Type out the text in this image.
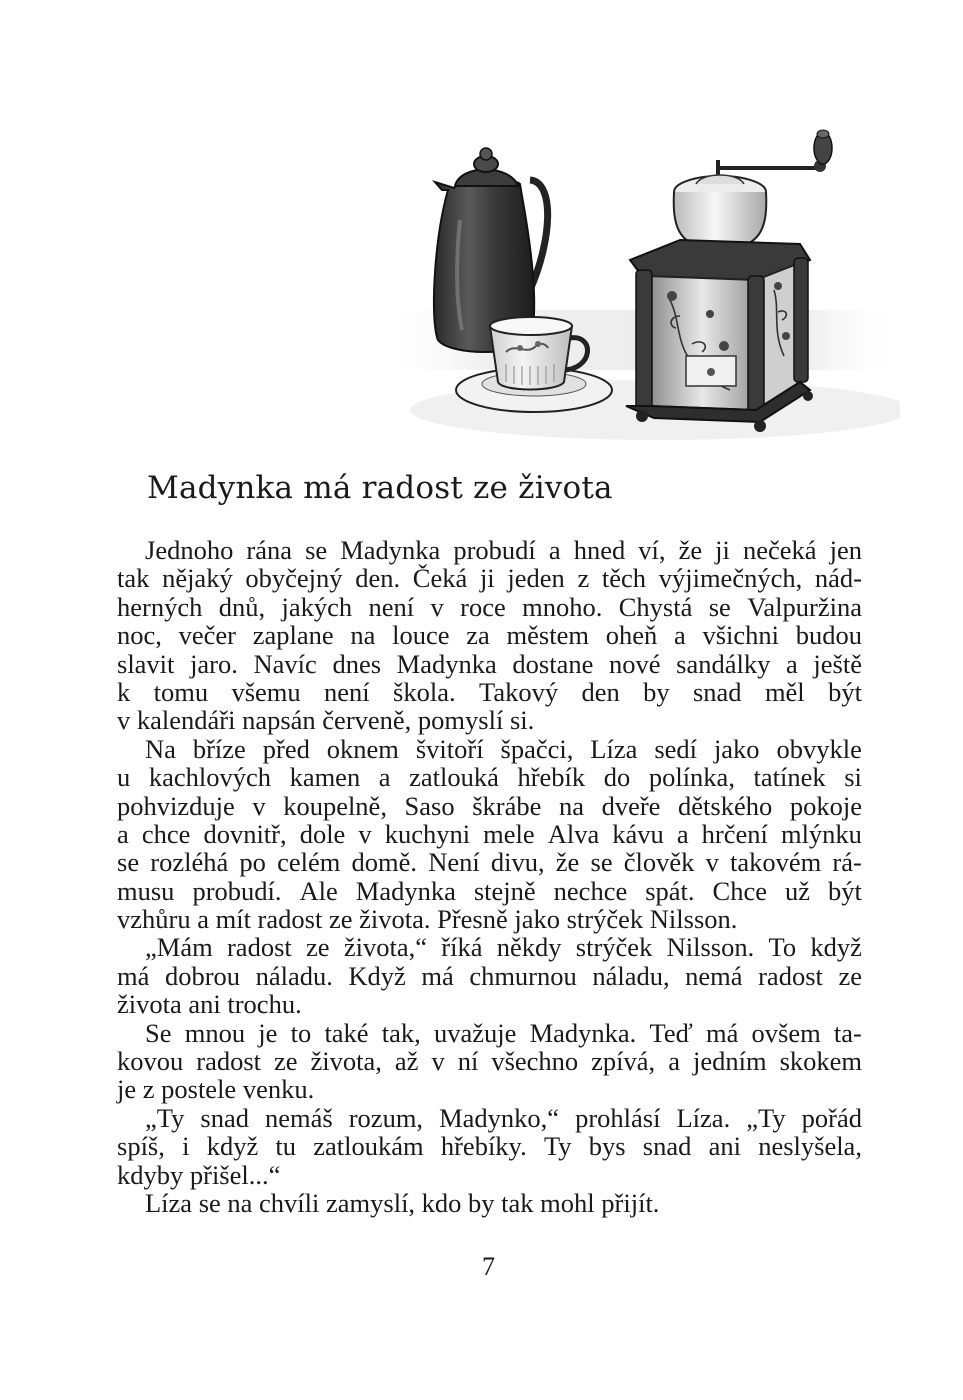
Madynka má radost ze života
Jednoho rána se Madynka probudí a hned ví, že ji nečeká jen
tak nějaký obyčejný den. Čeká ji jeden z těch výjimečných, nád-
herných dnů, jakých není v roce mnoho. Chystá se Valpuržina
noc, večer zaplane na louce za městem oheň a všichni budou
slavit jaro. Navíc dnes Madynka dostane nové sandálky a ještě
k tomu všemu není škola. Takový den by snad měl být
v kalendáři napsán červeně, pomyslí si.
Na bříze před oknem švitoří špačci, Líza sedí jako obvykle
u kachlových kamen a zatlouká hřebík do polínka, tatínek si
pohvizduje v koupelně, Saso škrábe na dveře dětského pokoje
a chce dovnitř, dole v kuchyni mele Alva kávu a hrčení mlýnku
se rozléhá po celém domě. Není divu, že se člověk v takovém rá-
musu probudí. Ale Madynka stejně nechce spát. Chce už být
vzhůru a mít radost ze života. Přesně jako strýček Nilsson.
„Mám radost ze života,“ říká někdy strýček Nilsson. To když
má dobrou náladu. Když má chmurnou náladu, nemá radost ze
života ani trochu.
Se mnou je to také tak, uvažuje Madynka. Teď má ovšem ta-
kovou radost ze života, až v ní všechno zpívá, a jedním skokem
je z postele venku.
„Ty snad nemáš rozum, Madynko,“ prohlásí Líza. „Ty pořád
spíš, i když tu zatloukám hřebíky. Ty bys snad ani neslyšela,
kdyby přišel...“
Líza se na chvíli zamyslí, kdo by tak mohl přijít.
7
